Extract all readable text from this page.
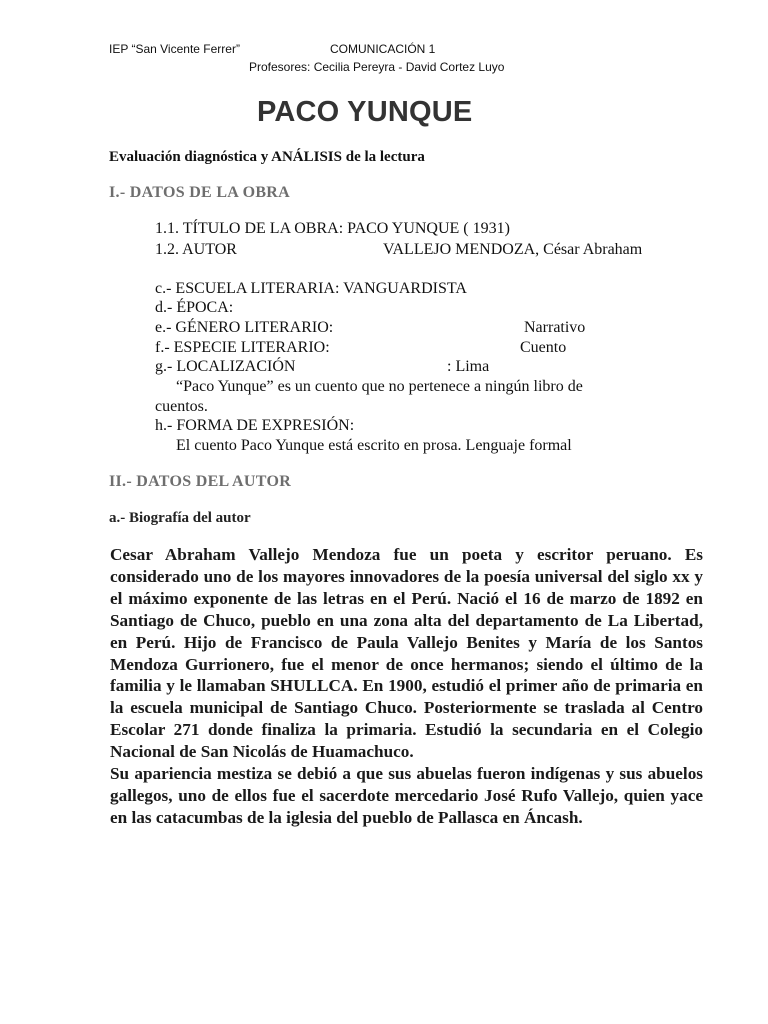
IEP “San Vicente Ferrer”	COMUNICACIÓN 1
Profesores: Cecilia Pereyra - David Cortez Luyo
PACO YUNQUE
Evaluación diagnóstica y ANÁLISIS de la lectura
I.- DATOS DE LA OBRA
1.1. TÍTULO DE LA OBRA: PACO YUNQUE ( 1931)
1.2. AUTOR	VALLEJO MENDOZA, César Abraham
c.- ESCUELA LITERARIA: VANGUARDISTA
d.- ÉPOCA:
e.- GÉNERO LITERARIO:	Narrativo
f.- ESPECIE LITERARIO:	Cuento
g.- LOCALIZACIÓN	: Lima
“Paco Yunque” es un cuento que no pertenece a ningún libro de
cuentos.
h.- FORMA DE EXPRESIÓN:
El cuento Paco Yunque está escrito en prosa. Lenguaje formal
II.- DATOS DEL AUTOR
a.- Biografía del autor

Cesar Abraham Vallejo Mendoza fue un poeta y escritor peruano. Es considerado uno de los mayores innovadores de la poesía universal del siglo xx y el máximo exponente de las letras en el Perú. Nació el 16 de marzo de 1892 en Santiago de Chuco, pueblo en una zona alta del departamento de La Libertad, en Perú. Hijo de Francisco de Paula Vallejo Benites y María de los Santos Mendoza Gurrionero, fue el menor de once hermanos; siendo el último de la familia y le llamaban SHULLCA. En 1900, estudió el primer año de primaria en la escuela municipal de Santiago Chuco. Posteriormente se traslada al Centro Escolar 271 donde finaliza la primaria. Estudió la secundaria en el Colegio Nacional de San Nicolás de Huamachuco.

Su apariencia mestiza se debió a que sus abuelas fueron indígenas y sus abuelos gallegos, uno de ellos fue el sacerdote mercedario José Rufo Vallejo, quien yace en las catacumbas de la iglesia del pueblo de Pallasca en Áncash.
